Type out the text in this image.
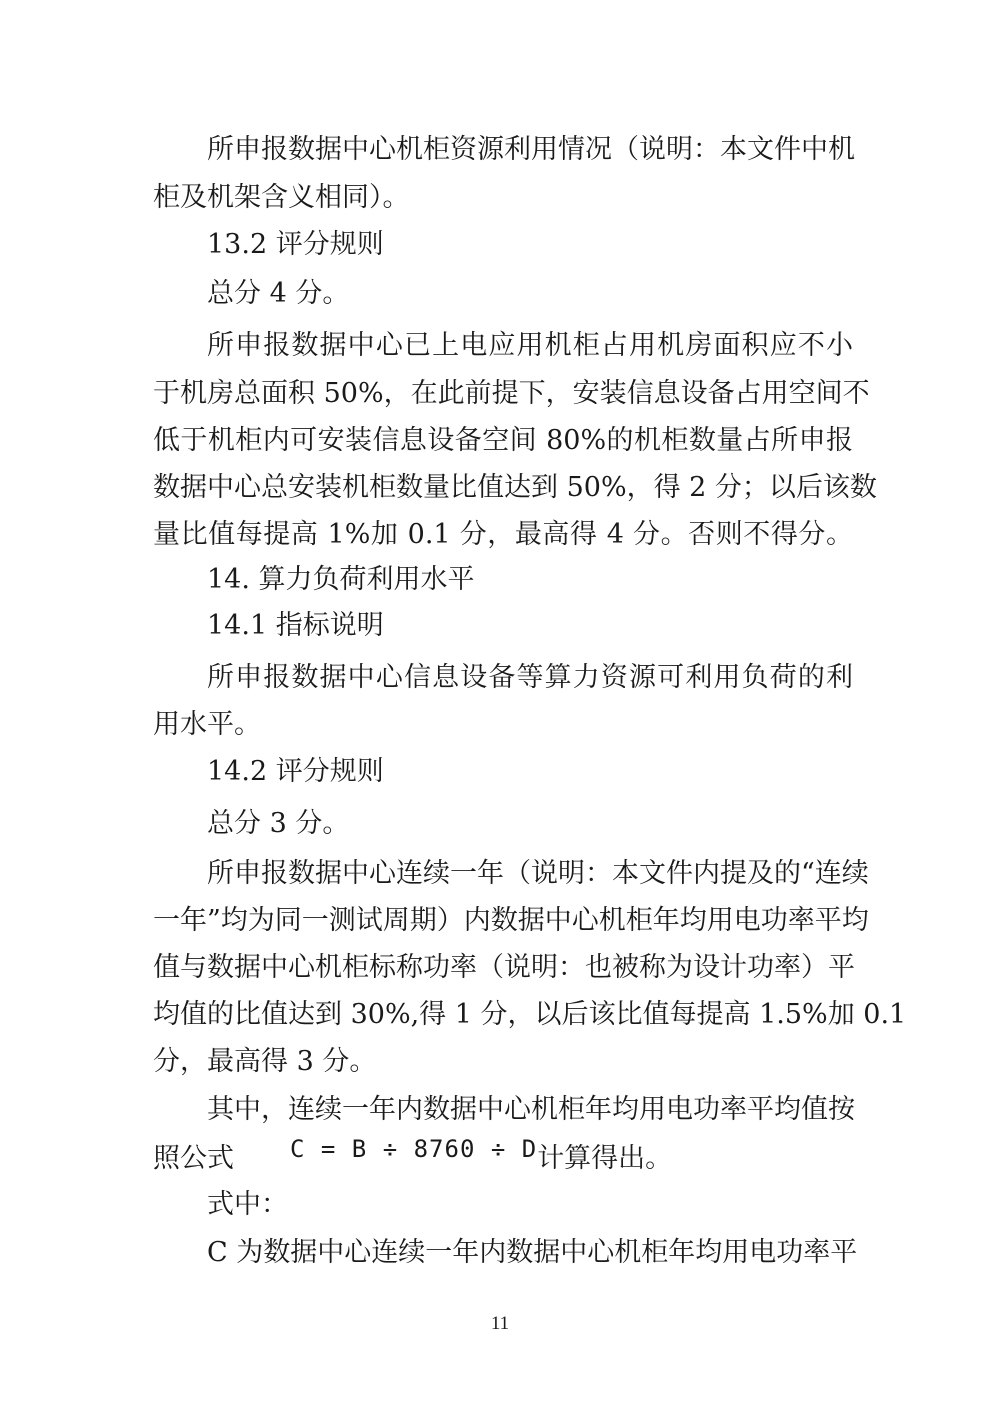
所申报数据中心机柜资源利用情况（说明：本文件中机
柜及机架含义相同）。
13.2 评分规则
总分 4 分。
所申报数据中心已上电应用机柜占用机房面积应不小
于机房总面积 50%，在此前提下，安装信息设备占用空间不
低于机柜内可安装信息设备空间 80%的机柜数量占所申报
数据中心总安装机柜数量比值达到 50%，得 2 分；以后该数
量比值每提高 1%加 0.1 分，最高得 4 分。否则不得分。
14. 算力负荷利用水平
14.1 指标说明
所申报数据中心信息设备等算力资源可利用负荷的利
用水平。
14.2 评分规则
总分 3 分。
所申报数据中心连续一年（说明：本文件内提及的“连续
一年”均为同一测试周期）内数据中心机柜年均用电功率平均
值与数据中心机柜标称功率（说明：也被称为设计功率）平
均值的比值达到 30%,得 1 分，以后该比值每提高 1.5%加 0.1
分，最高得 3 分。
其中，连续一年内数据中心机柜年均用电功率平均值按
照公式 C = B ÷ 8760 ÷ D计算得出。
式中：
C 为数据中心连续一年内数据中心机柜年均用电功率平
11
